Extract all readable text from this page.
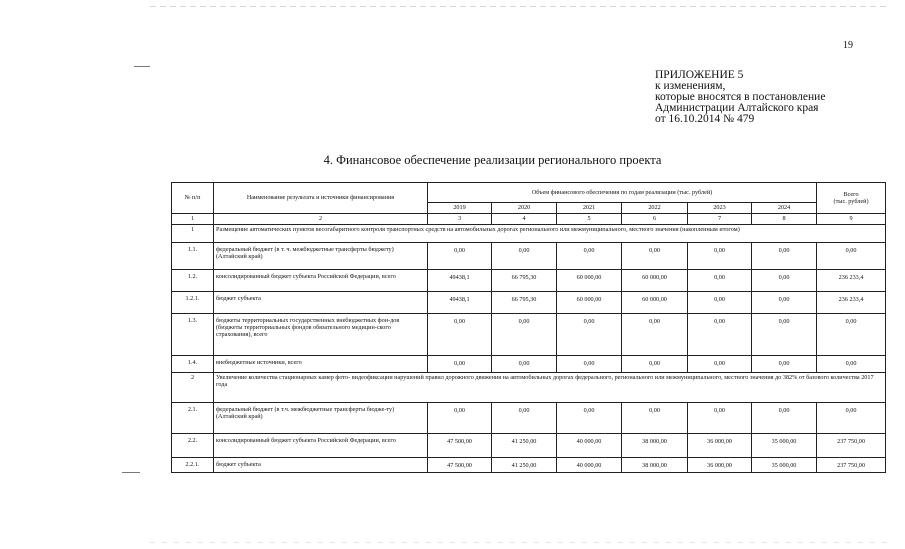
19
ПРИЛОЖЕНИЕ 5
к изменениям,
которые вносятся в постановление
Администрации Алтайского края
от 16.10.2014 № 479
4. Финансовое обеспечение реализации регионального проекта
№ п/п	Наименование результата и источники финансирования	Объем финансового обеспечения по годам реализации (тыс. рублей)						Всего
(тыс. рублей)
		2019	2020	2021	2022	2023	2024	
1	2	3	4	5	6	7	8	9
1	Размещение автоматических пунктов весогабаритного контроля транспортных средств на автомобильных дорогах регионального или межмуниципального, местного значения (накопленным итогом)							
1.1.	федеральный бюджет (в т. ч. межбюджетные трансферты бюджету) (Алтайский край)	0,00	0,00	0,00	0,00	0,00	0,00	0,00
1.2.	консолидированный бюджет субъекта Российской Федерации, всего	49438,1	66 795,30	60 000,00	60 000,00	0,00	0,00	236 233,4
1.2.1.	бюджет субъекта	49438,1	66 795,30	60 000,00	60 000,00	0,00	0,00	236 233,4
1.3.	бюджеты территориальных государственных внебюджетных фон-дов (бюджеты территориальных фондов обязательного медицин-ского страхования), всего	0,00	0,00	0,00	0,00	0,00	0,00	0,00
1.4.	внебюджетные источники, всего	0,00	0,00	0,00	0,00	0,00	0,00	0,00
2	Увеличение количества стационарных камер фото- видеофиксации нарушений правил дорожного движения на автомобильных дорогах федерального, регионального или межмуниципального, местного значения до 382% от базового количества 2017 года							
2.1.	федеральный бюджет (в т.ч. межбюджетные трансферты бюдже-ту) (Алтайский край)	0,00	0,00	0,00	0,00	0,00	0,00	0,00
2.2.	консолидированный бюджет субъекта Российской Федерации, всего	47 500,00	41 250,00	40 000,00	38 000,00	36 000,00	35 000,00	237 750,00
2.2.1.	бюджет субъекта	47 500,00	41 250,00	40 000,00	38 000,00	36 000,00	35 000,00	237 750,00
